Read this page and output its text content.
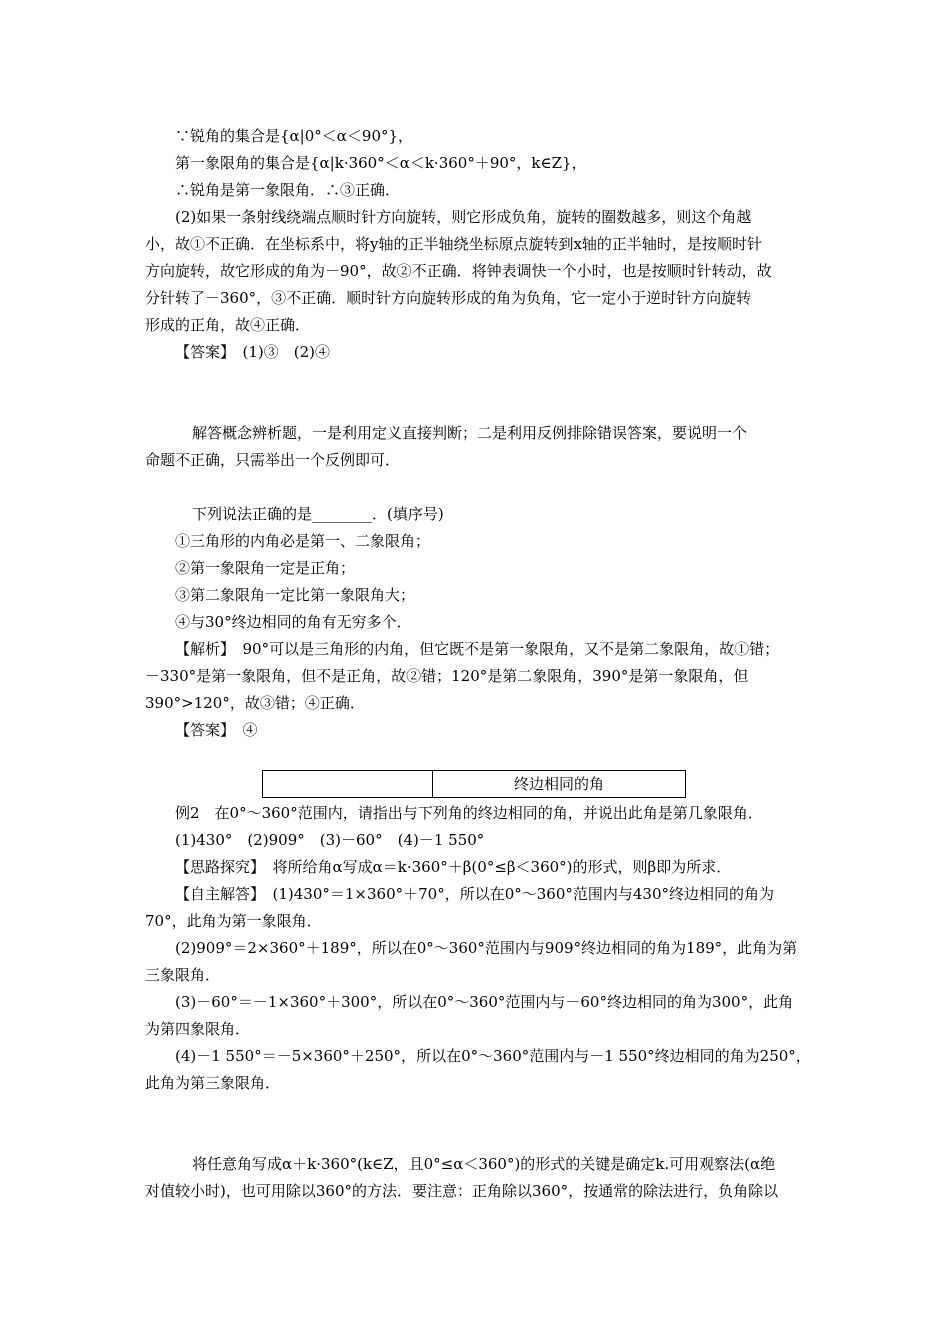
∵锐角的集合是{α|0°＜α＜90°}，
第一象限角的集合是{α|k·360°＜α＜k·360°＋90°，k∈Z}，
∴锐角是第一象限角．∴③正确．
(2)如果一条射线绕端点顺时针方向旋转，则它形成负角，旋转的圈数越多，则这个角越
小，故①不正确．在坐标系中，将y轴的正半轴绕坐标原点旋转到x轴的正半轴时，是按顺时针
方向旋转，故它形成的角为－90°，故②不正确．将钟表调快一个小时，也是按顺时针转动，故
分针转了－360°，③不正确．顺时针方向旋转形成的角为负角，它一定小于逆时针方向旋转
形成的正角，故④正确．
【答案】　(1)③　(2)④
解答概念辨析题，一是利用定义直接判断；二是利用反例排除错误答案，要说明一个
命题不正确，只需举出一个反例即可．
下列说法正确的是________．(填序号)
①三角形的内角必是第一、二象限角；
②第一象限角一定是正角；
③第二象限角一定比第一象限角大；
④与30°终边相同的角有无穷多个．
【解析】　90°可以是三角形的内角，但它既不是第一象限角，又不是第二象限角，故①错；
－330°是第一象限角，但不是正角，故②错；120°是第二象限角，390°是第一象限角，但
390°>120°，故③错；④正确．
【答案】　④
终边相同的角
例2　在0°～360°范围内，请指出与下列角的终边相同的角，并说出此角是第几象限角．
(1)430°　(2)909°　(3)－60°　(4)－1 550°
【思路探究】　将所给角α写成α＝k·360°＋β(0°≤β＜360°)的形式，则β即为所求．
【自主解答】　(1)430°＝1×360°＋70°，所以在0°～360°范围内与430°终边相同的角为
70°，此角为第一象限角．
(2)909°＝2×360°＋189°，所以在0°～360°范围内与909°终边相同的角为189°，此角为第
三象限角．
(3)－60°＝－1×360°＋300°，所以在0°～360°范围内与－60°终边相同的角为300°，此角
为第四象限角．
(4)－1 550°＝－5×360°＋250°，所以在0°～360°范围内与－1 550°终边相同的角为250°，
此角为第三象限角．
将任意角写成α＋k·360°(k∈Z，且0°≤α＜360°)的形式的关键是确定k.可用观察法(α绝
对值较小时)，也可用除以360°的方法．要注意：正角除以360°，按通常的除法进行，负角除以
